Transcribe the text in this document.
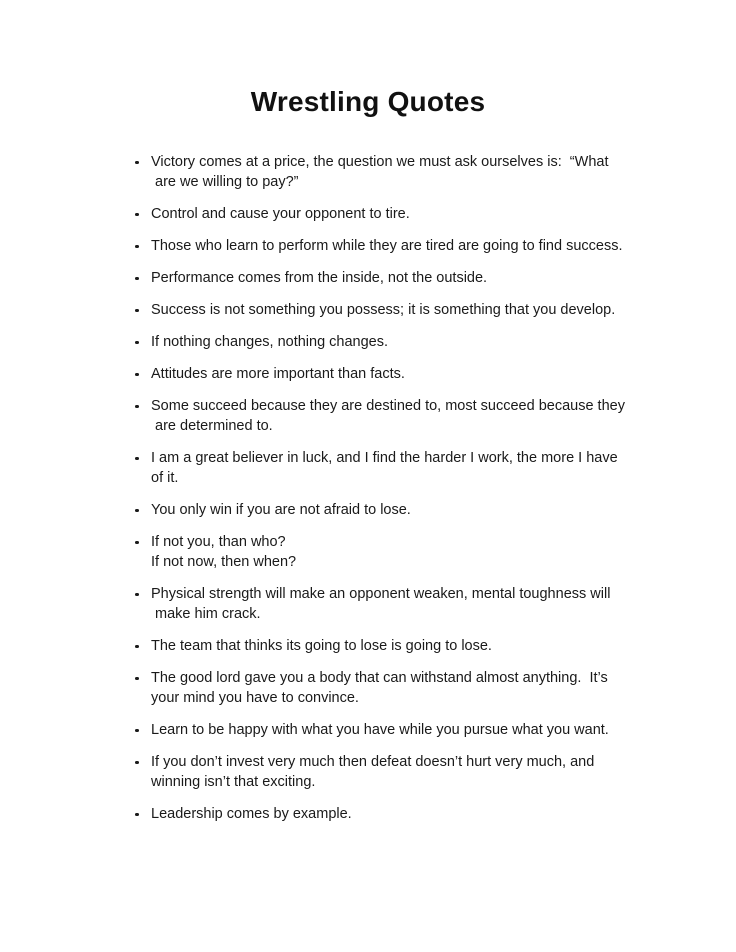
Wrestling Quotes
Victory comes at a price, the question we must ask ourselves is:  “What
are we willing to pay?”
Control and cause your opponent to tire.
Those who learn to perform while they are tired are going to find success.
Performance comes from the inside, not the outside.
Success is not something you possess; it is something that you develop.
If nothing changes, nothing changes.
Attitudes are more important than facts.
Some succeed because they are destined to, most succeed because they
are determined to.
I am a great believer in luck, and I find the harder I work, the more I have
of it.
You only win if you are not afraid to lose.
If not you, than who?
If not now, then when?
Physical strength will make an opponent weaken, mental toughness will
make him crack.
The team that thinks its going to lose is going to lose.
The good lord gave you a body that can withstand almost anything.  It’s
your mind you have to convince.
Learn to be happy with what you have while you pursue what you want.
If you don’t invest very much then defeat doesn’t hurt very much, and
winning isn’t that exciting.
Leadership comes by example.
